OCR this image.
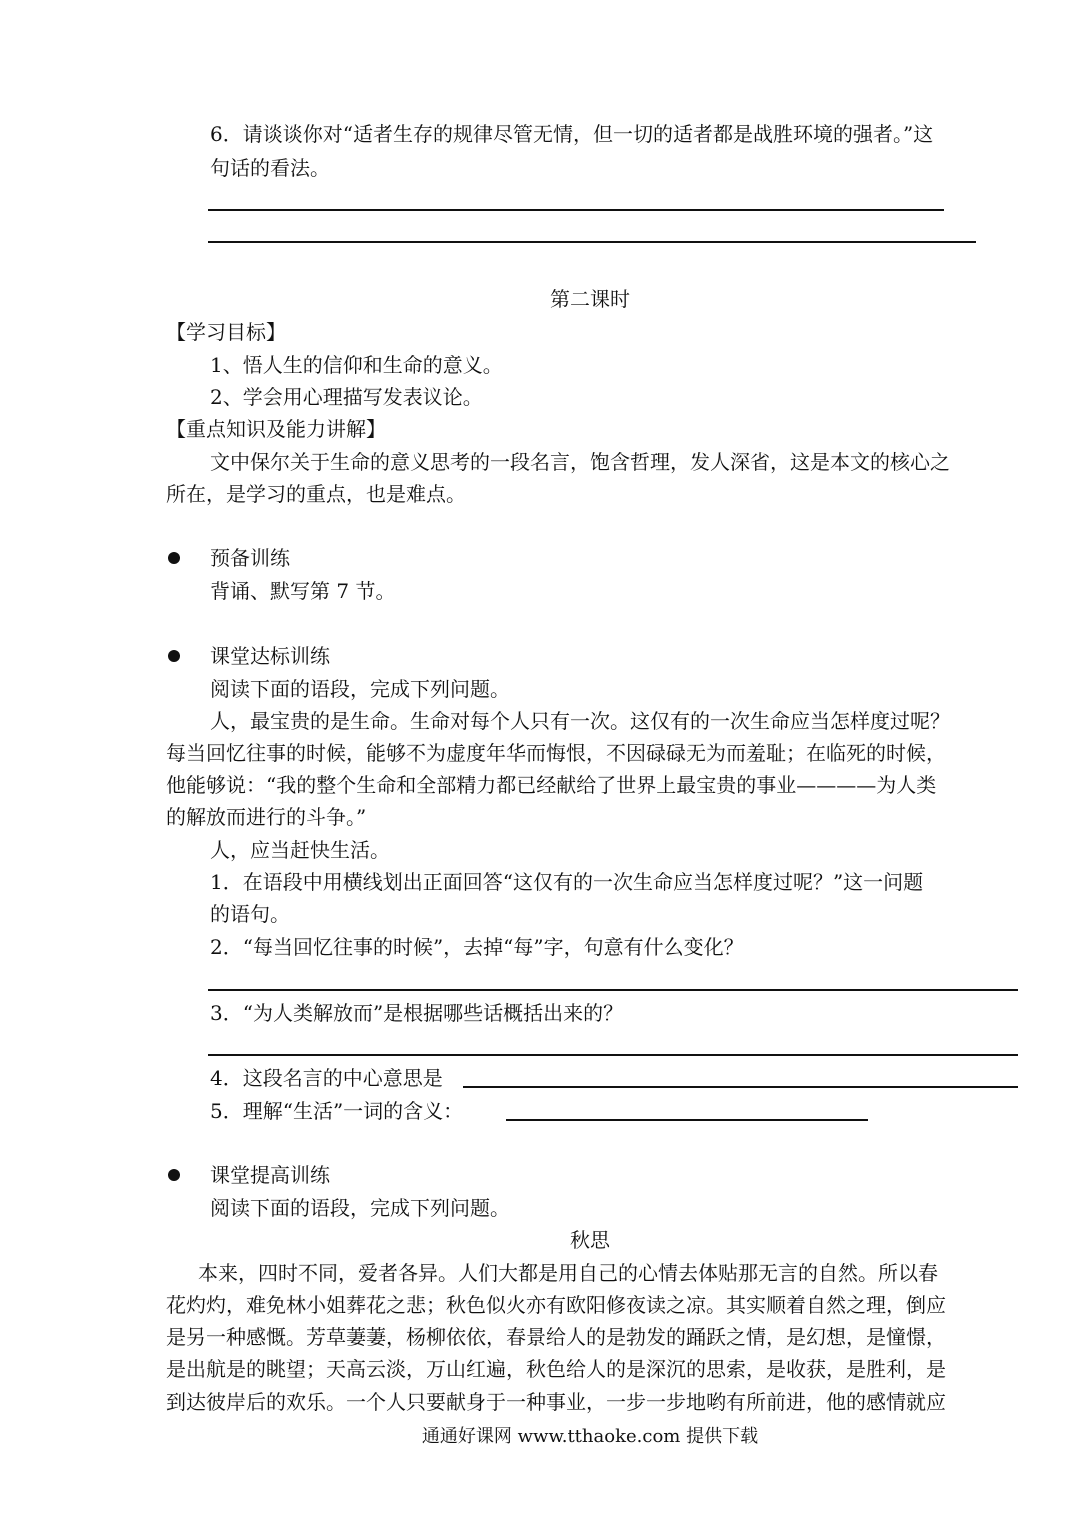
6．请谈谈你对“适者生存的规律尽管无情，但一切的适者都是战胜环境的强者。”这
句话的看法。
第二课时
【学习目标】
1、悟人生的信仰和生命的意义。
2、学会用心理描写发表议论。
【重点知识及能力讲解】
文中保尔关于生命的意义思考的一段名言，饱含哲理，发人深省，这是本文的核心之
所在，是学习的重点，也是难点。
预备训练
背诵、默写第 7 节。
课堂达标训练
阅读下面的语段，完成下列问题。
人，最宝贵的是生命。生命对每个人只有一次。这仅有的一次生命应当怎样度过呢？
每当回忆往事的时候，能够不为虚度年华而悔恨，不因碌碌无为而羞耻；在临死的时候，
他能够说：“我的整个生命和全部精力都已经献给了世界上最宝贵的事业————为人类
的解放而进行的斗争。”
人，应当赶快生活。
1．在语段中用横线划出正面回答“这仅有的一次生命应当怎样度过呢？”这一问题
的语句。
2．“每当回忆往事的时候”，去掉“每”字，句意有什么变化？
3．“为人类解放而”是根据哪些话概括出来的？
4．这段名言的中心意思是
5．理解“生活”一词的含义：
课堂提高训练
阅读下面的语段，完成下列问题。
秋思
本来，四时不同，爱者各异。人们大都是用自己的心情去体贴那无言的自然。所以春
花灼灼，难免林小姐葬花之悲；秋色似火亦有欧阳修夜读之凉。其实顺着自然之理，倒应
是另一种感慨。芳草萋萋，杨柳依依，春景给人的是勃发的踊跃之情，是幻想，是憧憬，
是出航是的眺望；天高云淡，万山红遍，秋色给人的是深沉的思索，是收获，是胜利，是
到达彼岸后的欢乐。一个人只要献身于一种事业，一步一步地哟有所前进，他的感情就应
通通好课网 www.tthaoke.com 提供下载
